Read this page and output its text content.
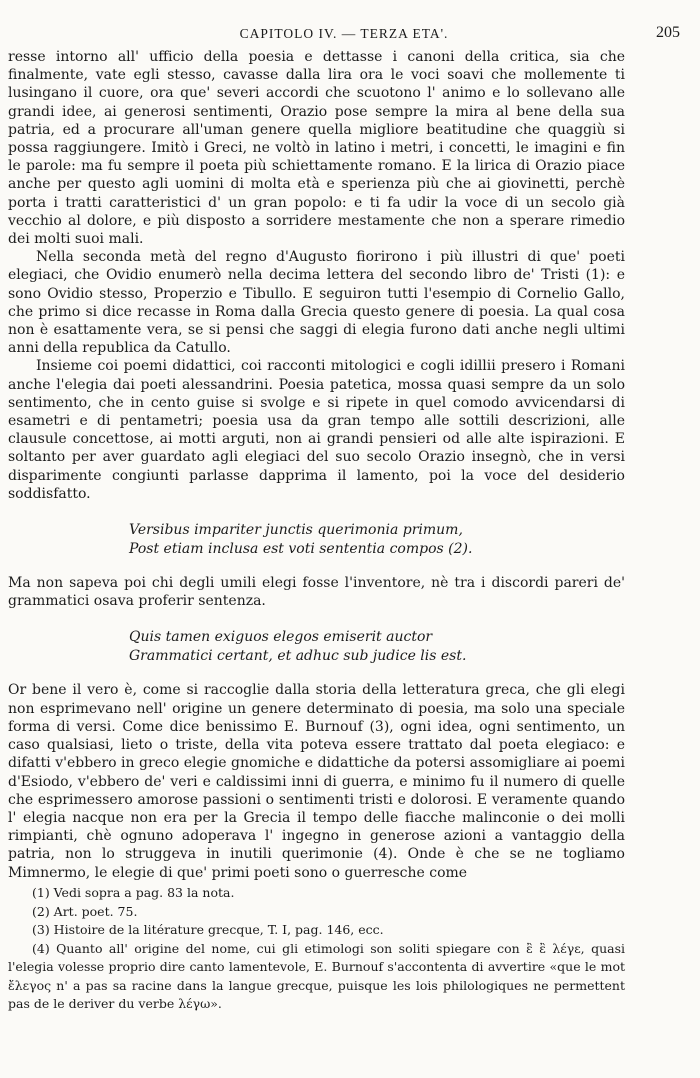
CAPITOLO IV. — TERZA ETA'.	205

resse intorno all' ufficio della poesia e dettasse i canoni della critica, sia che finalmente, vate egli stesso, cavasse dalla lira ora le voci soavi che mollemente ti lusingano il cuore, ora que' severi accordi che scuotono l' animo e lo sollevano alle grandi idee, ai generosi sentimenti, Orazio pose sempre la mira al bene della sua patria, ed a procurare all'uman genere quella migliore beatitudine che quaggiù si possa raggiungere. Imitò i Greci, ne voltò in latino i metri, i concetti, le imagini e fin le parole: ma fu sempre il poeta più schiettamente romano. E la lirica di Orazio piace anche per questo agli uomini di molta età e sperienza più che ai giovinetti, perchè porta i tratti caratteristici d' un gran popolo: e ti fa udir la voce di un secolo già vecchio al dolore, e più disposto a sorridere mestamente che non a sperare rimedio dei molti suoi mali.

Nella seconda metà del regno d'Augusto fiorirono i più illustri di que' poeti elegiaci, che Ovidio enumerò nella decima lettera del secondo libro de' Tristi (1): e sono Ovidio stesso, Properzio e Tibullo. E seguiron tutti l'esempio di Cornelio Gallo, che primo si dice recasse in Roma dalla Grecia questo genere di poesia. La qual cosa non è esattamente vera, se si pensi che saggi di elegia furono dati anche negli ultimi anni della republica da Catullo.

Insieme coi poemi didattici, coi racconti mitologici e cogli idillii presero i Romani anche l'elegia dai poeti alessandrini. Poesia patetica, mossa quasi sempre da un solo sentimento, che in cento guise si svolge e si ripete in quel comodo avvicendarsi di esametri e di pentametri; poesia usa da gran tempo alle sottili descrizioni, alle clausule concettose, ai motti arguti, non ai grandi pensieri od alle alte ispirazioni. E soltanto per aver guardato agli elegiaci del suo secolo Orazio insegnò, che in versi disparimente congiunti parlasse dapprima il lamento, poi la voce del desiderio soddisfatto.

Versibus impariter junctis querimonia primum,
Post etiam inclusa est voti sententia compos (2).

Ma non sapeva poi chi degli umili elegi fosse l'inventore, nè tra i discordi pareri de' grammatici osava proferir sentenza.

Quis tamen exiguos elegos emiserit auctor
Grammatici certant, et adhuc sub judice lis est.

Or bene il vero è, come si raccoglie dalla storia della letteratura greca, che gli elegi non esprimevano nell' origine un genere determinato di poesia, ma solo una speciale forma di versi. Come dice benissimo E. Burnouf (3), ogni idea, ogni sentimento, un caso qualsiasi, lieto o triste, della vita poteva essere trattato dal poeta elegiaco: e difatti v'ebbero in greco elegie gnomiche e didattiche da potersi assomigliare ai poemi d'Esiodo, v'ebbero de' veri e caldissimi inni di guerra, e minimo fu il numero di quelle che esprimessero amorose passioni o sentimenti tristi e dolorosi. E veramente quando l' elegia nacque non era per la Grecia il tempo delle fiacche malinconie o dei molli rimpianti, chè ognuno adoperava l' ingegno in generose azioni a vantaggio della patria, non lo struggeva in inutili querimonie (4). Onde è che se ne togliamo Mimnermo, le elegie di que' primi poeti sono o guerresche come

(1) Vedi sopra a pag. 83 la nota.
(2) Art. poet. 75.
(3) Histoire de la litérature grecque, T. I, pag. 146, ecc.
(4) Quanto all' origine del nome, cui gli etimologi son soliti spiegare con ἒ ἒ λέγε, quasi l'elegia volesse proprio dire canto lamentevole, E. Burnouf s'accontenta di avvertire «que le mot ἔλεγος n' a pas sa racine dans la langue grecque, puisque les lois philologiques ne permettent pas de le deriver du verbe λέγω».
